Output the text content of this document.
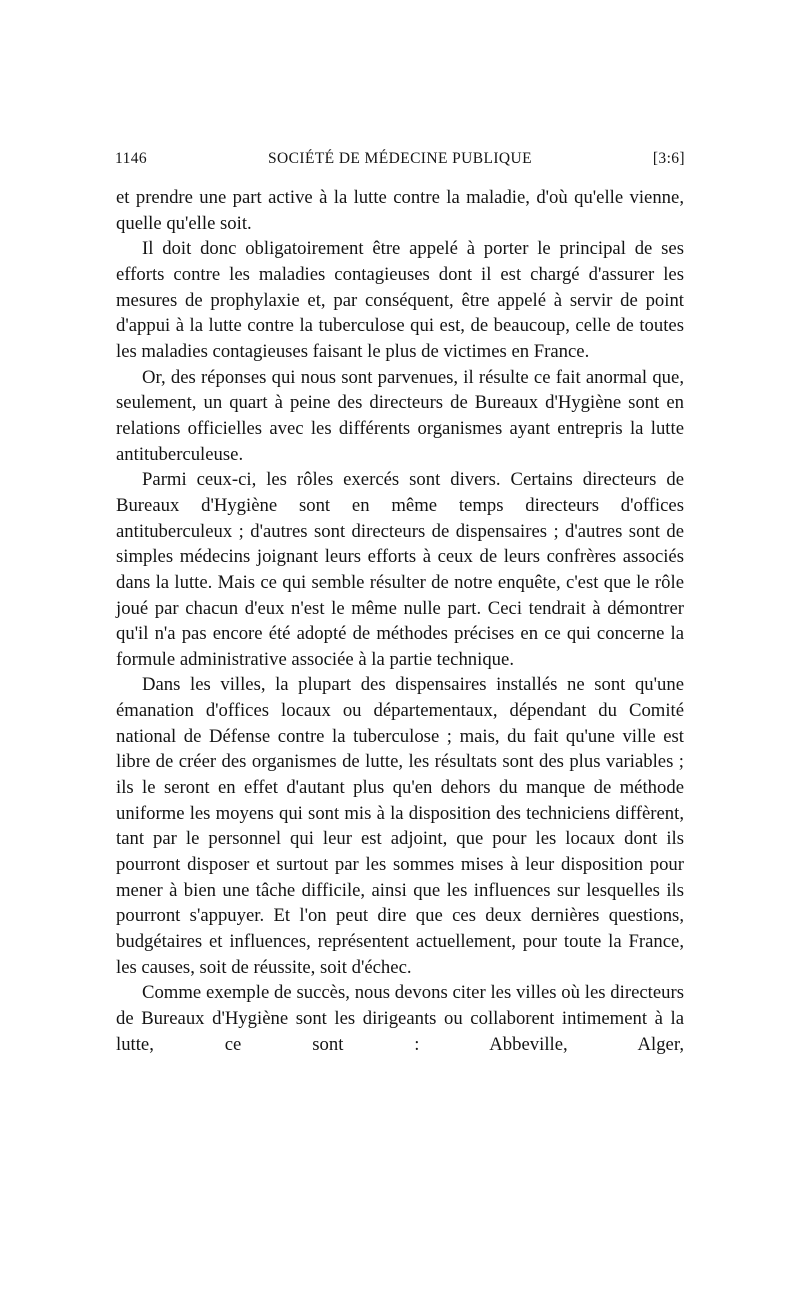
1146	SOCIÉTÉ DE MÉDECINE PUBLIQUE	[3:6]

et prendre une part active à la lutte contre la maladie, d'où qu'elle vienne, quelle qu'elle soit.

Il doit donc obligatoirement être appelé à porter le principal de ses efforts contre les maladies contagieuses dont il est chargé d'assurer les mesures de prophylaxie et, par conséquent, être appelé à servir de point d'appui à la lutte contre la tuberculose qui est, de beaucoup, celle de toutes les maladies contagieuses faisant le plus de victimes en France.

Or, des réponses qui nous sont parvenues, il résulte ce fait anormal que, seulement, un quart à peine des directeurs de Bureaux d'Hygiène sont en relations officielles avec les différents organismes ayant entrepris la lutte antituberculeuse.

Parmi ceux-ci, les rôles exercés sont divers. Certains directeurs de Bureaux d'Hygiène sont en même temps directeurs d'offices antituberculeux ; d'autres sont directeurs de dispensaires ; d'autres sont de simples médecins joignant leurs efforts à ceux de leurs confrères associés dans la lutte. Mais ce qui semble résulter de notre enquête, c'est que le rôle joué par chacun d'eux n'est le même nulle part. Ceci tendrait à démontrer qu'il n'a pas encore été adopté de méthodes précises en ce qui concerne la formule administrative associée à la partie technique.

Dans les villes, la plupart des dispensaires installés ne sont qu'une émanation d'offices locaux ou départementaux, dépendant du Comité national de Défense contre la tuberculose ; mais, du fait qu'une ville est libre de créer des organismes de lutte, les résultats sont des plus variables ; ils le seront en effet d'autant plus qu'en dehors du manque de méthode uniforme les moyens qui sont mis à la disposition des techniciens diffèrent, tant par le personnel qui leur est adjoint, que pour les locaux dont ils pourront disposer et surtout par les sommes mises à leur disposition pour mener à bien une tâche difficile, ainsi que les influences sur lesquelles ils pourront s'appuyer. Et l'on peut dire que ces deux dernières questions, budgétaires et influences, représentent actuellement, pour toute la France, les causes, soit de réussite, soit d'échec.

Comme exemple de succès, nous devons citer les villes où les directeurs de Bureaux d'Hygiène sont les dirigeants ou collaborent intimement à la lutte, ce sont : Abbeville, Alger,
